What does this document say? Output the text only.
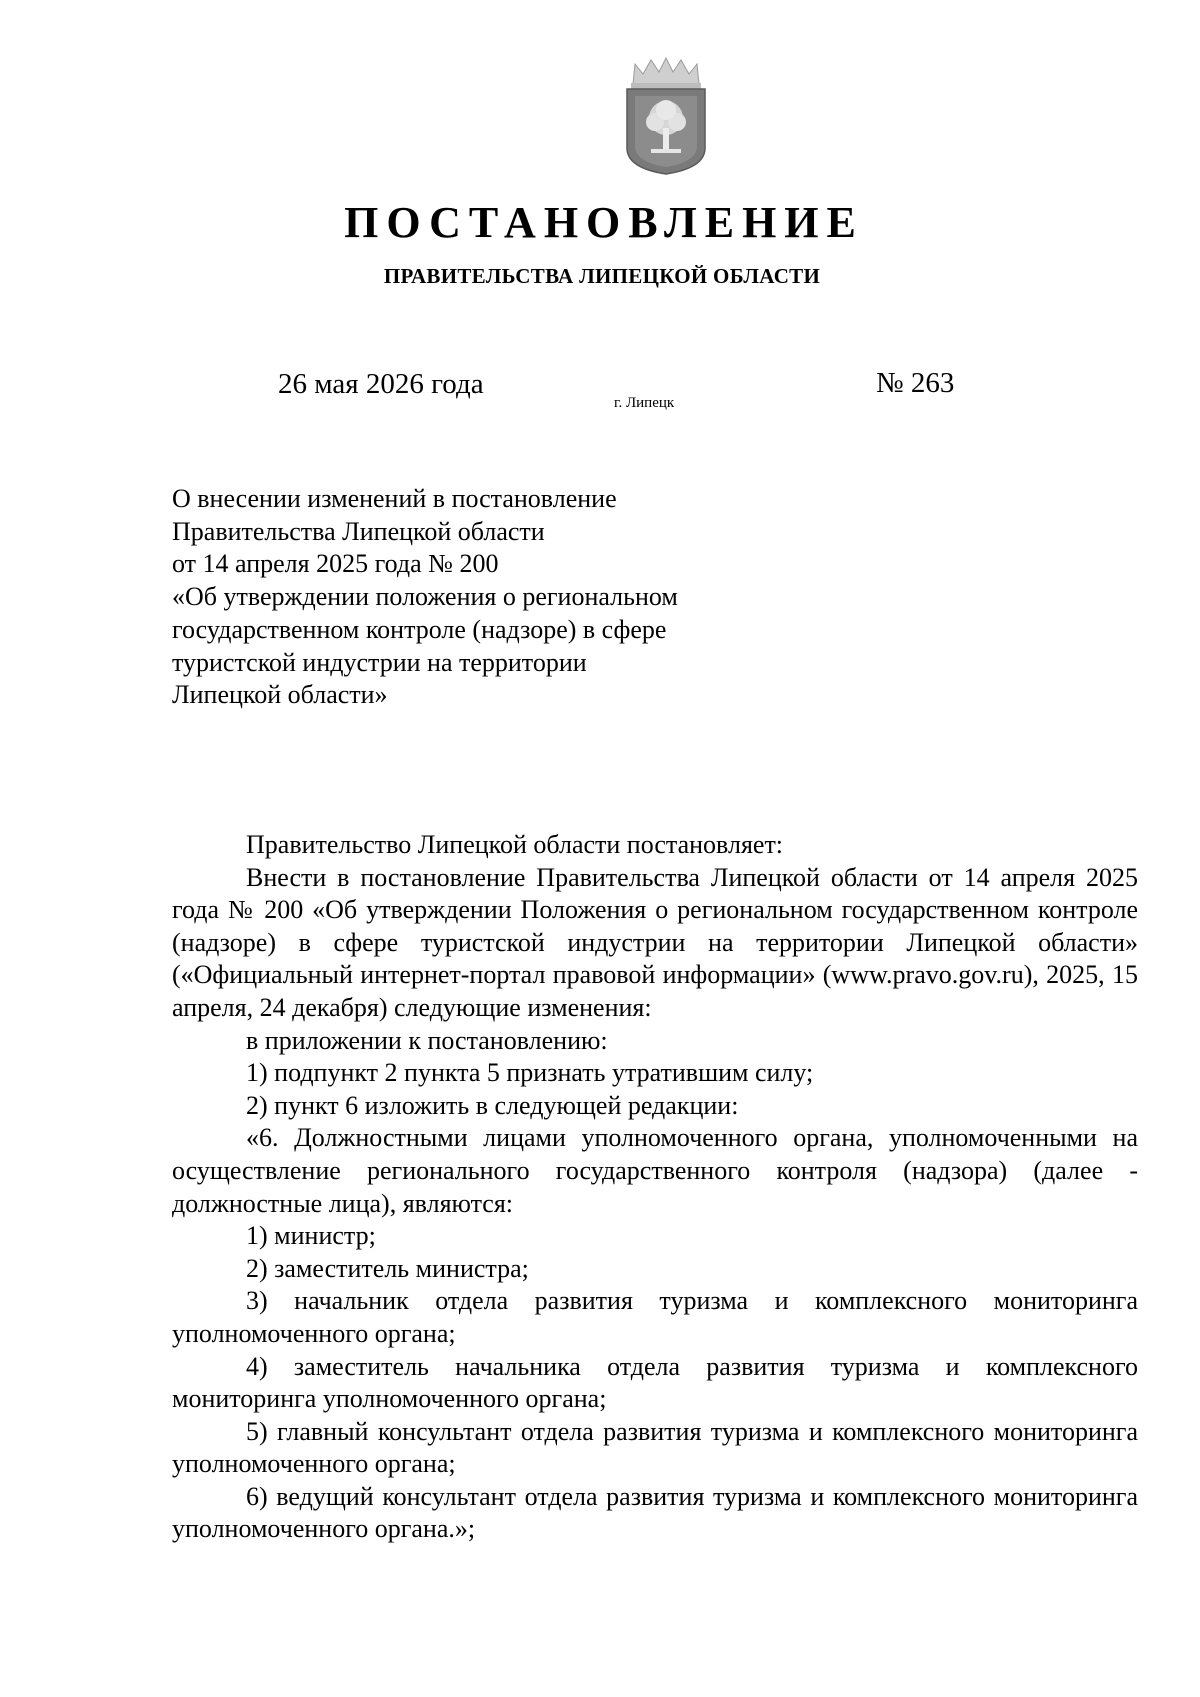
ПОСТАНОВЛЕНИЕ
ПРАВИТЕЛЬСТВА ЛИПЕЦКОЙ ОБЛАСТИ
26 мая 2026 года
г. Липецк
№ 263
О внесении изменений в постановление
Правительства Липецкой области
от 14 апреля 2025 года № 200
«Об утверждении положения о региональном
государственном контроле (надзоре) в сфере
туристской индустрии на территории
Липецкой области»

Правительство Липецкой области постановляет:

Внести в постановление Правительства Липецкой области от 14 апреля 2025 года № 200 «Об утверждении Положения о региональном государственном контроле (надзоре) в сфере туристской индустрии на территории Липецкой области» («Официальный интернет-портал правовой информации» (www.pravo.gov.ru), 2025, 15 апреля, 24 декабря) следующие изменения:

в приложении к постановлению:

1) подпункт 2 пункта 5 признать утратившим силу;

2) пункт 6 изложить в следующей редакции:

«6. Должностными лицами уполномоченного органа, уполномоченными на осуществление регионального государственного контроля (надзора) (далее - должностные лица), являются:

1) министр;

2) заместитель министра;

3) начальник отдела развития туризма и комплексного мониторинга уполномоченного органа;

4) заместитель начальника отдела развития туризма и комплексного мониторинга уполномоченного органа;

5) главный консультант отдела развития туризма и комплексного мониторинга уполномоченного органа;

6) ведущий консультант отдела развития туризма и комплексного мониторинга уполномоченного органа.»;
